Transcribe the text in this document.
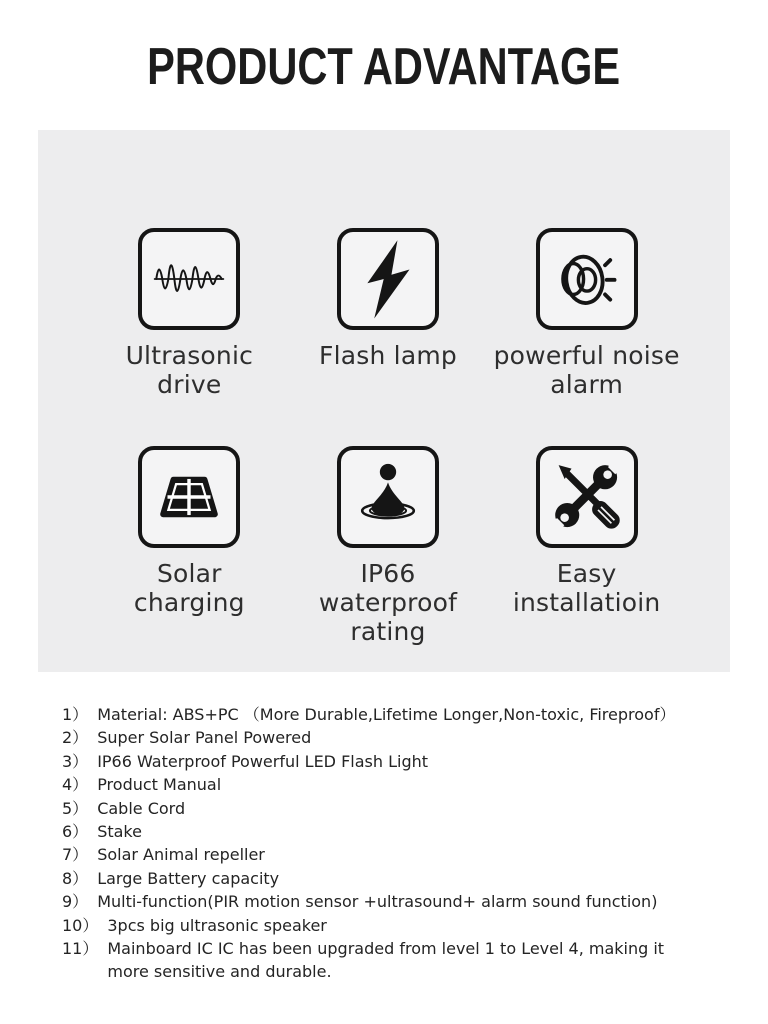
PRODUCT ADVANTAGE
Ultrasonic
drive
Flash lamp powerful noise
alarm
Solar
charging
IP66
waterproof rating
Easy
installatioin
1） Material: ABS+PC （More Durable,Lifetime Longer,Non-toxic, Fireproof）
2） Super Solar Panel Powered
3） IP66 Waterproof Powerful LED Flash Light
4） Product Manual
5） Cable Cord
6） Stake
7） Solar Animal repeller
8） Large Battery capacity
9） Multi-function(PIR motion sensor +ultrasound+ alarm sound function)
10） 3pcs big ultrasonic speaker
11） Mainboard IC IC has been upgraded from level 1 to Level 4, making it
more sensitive and durable.
